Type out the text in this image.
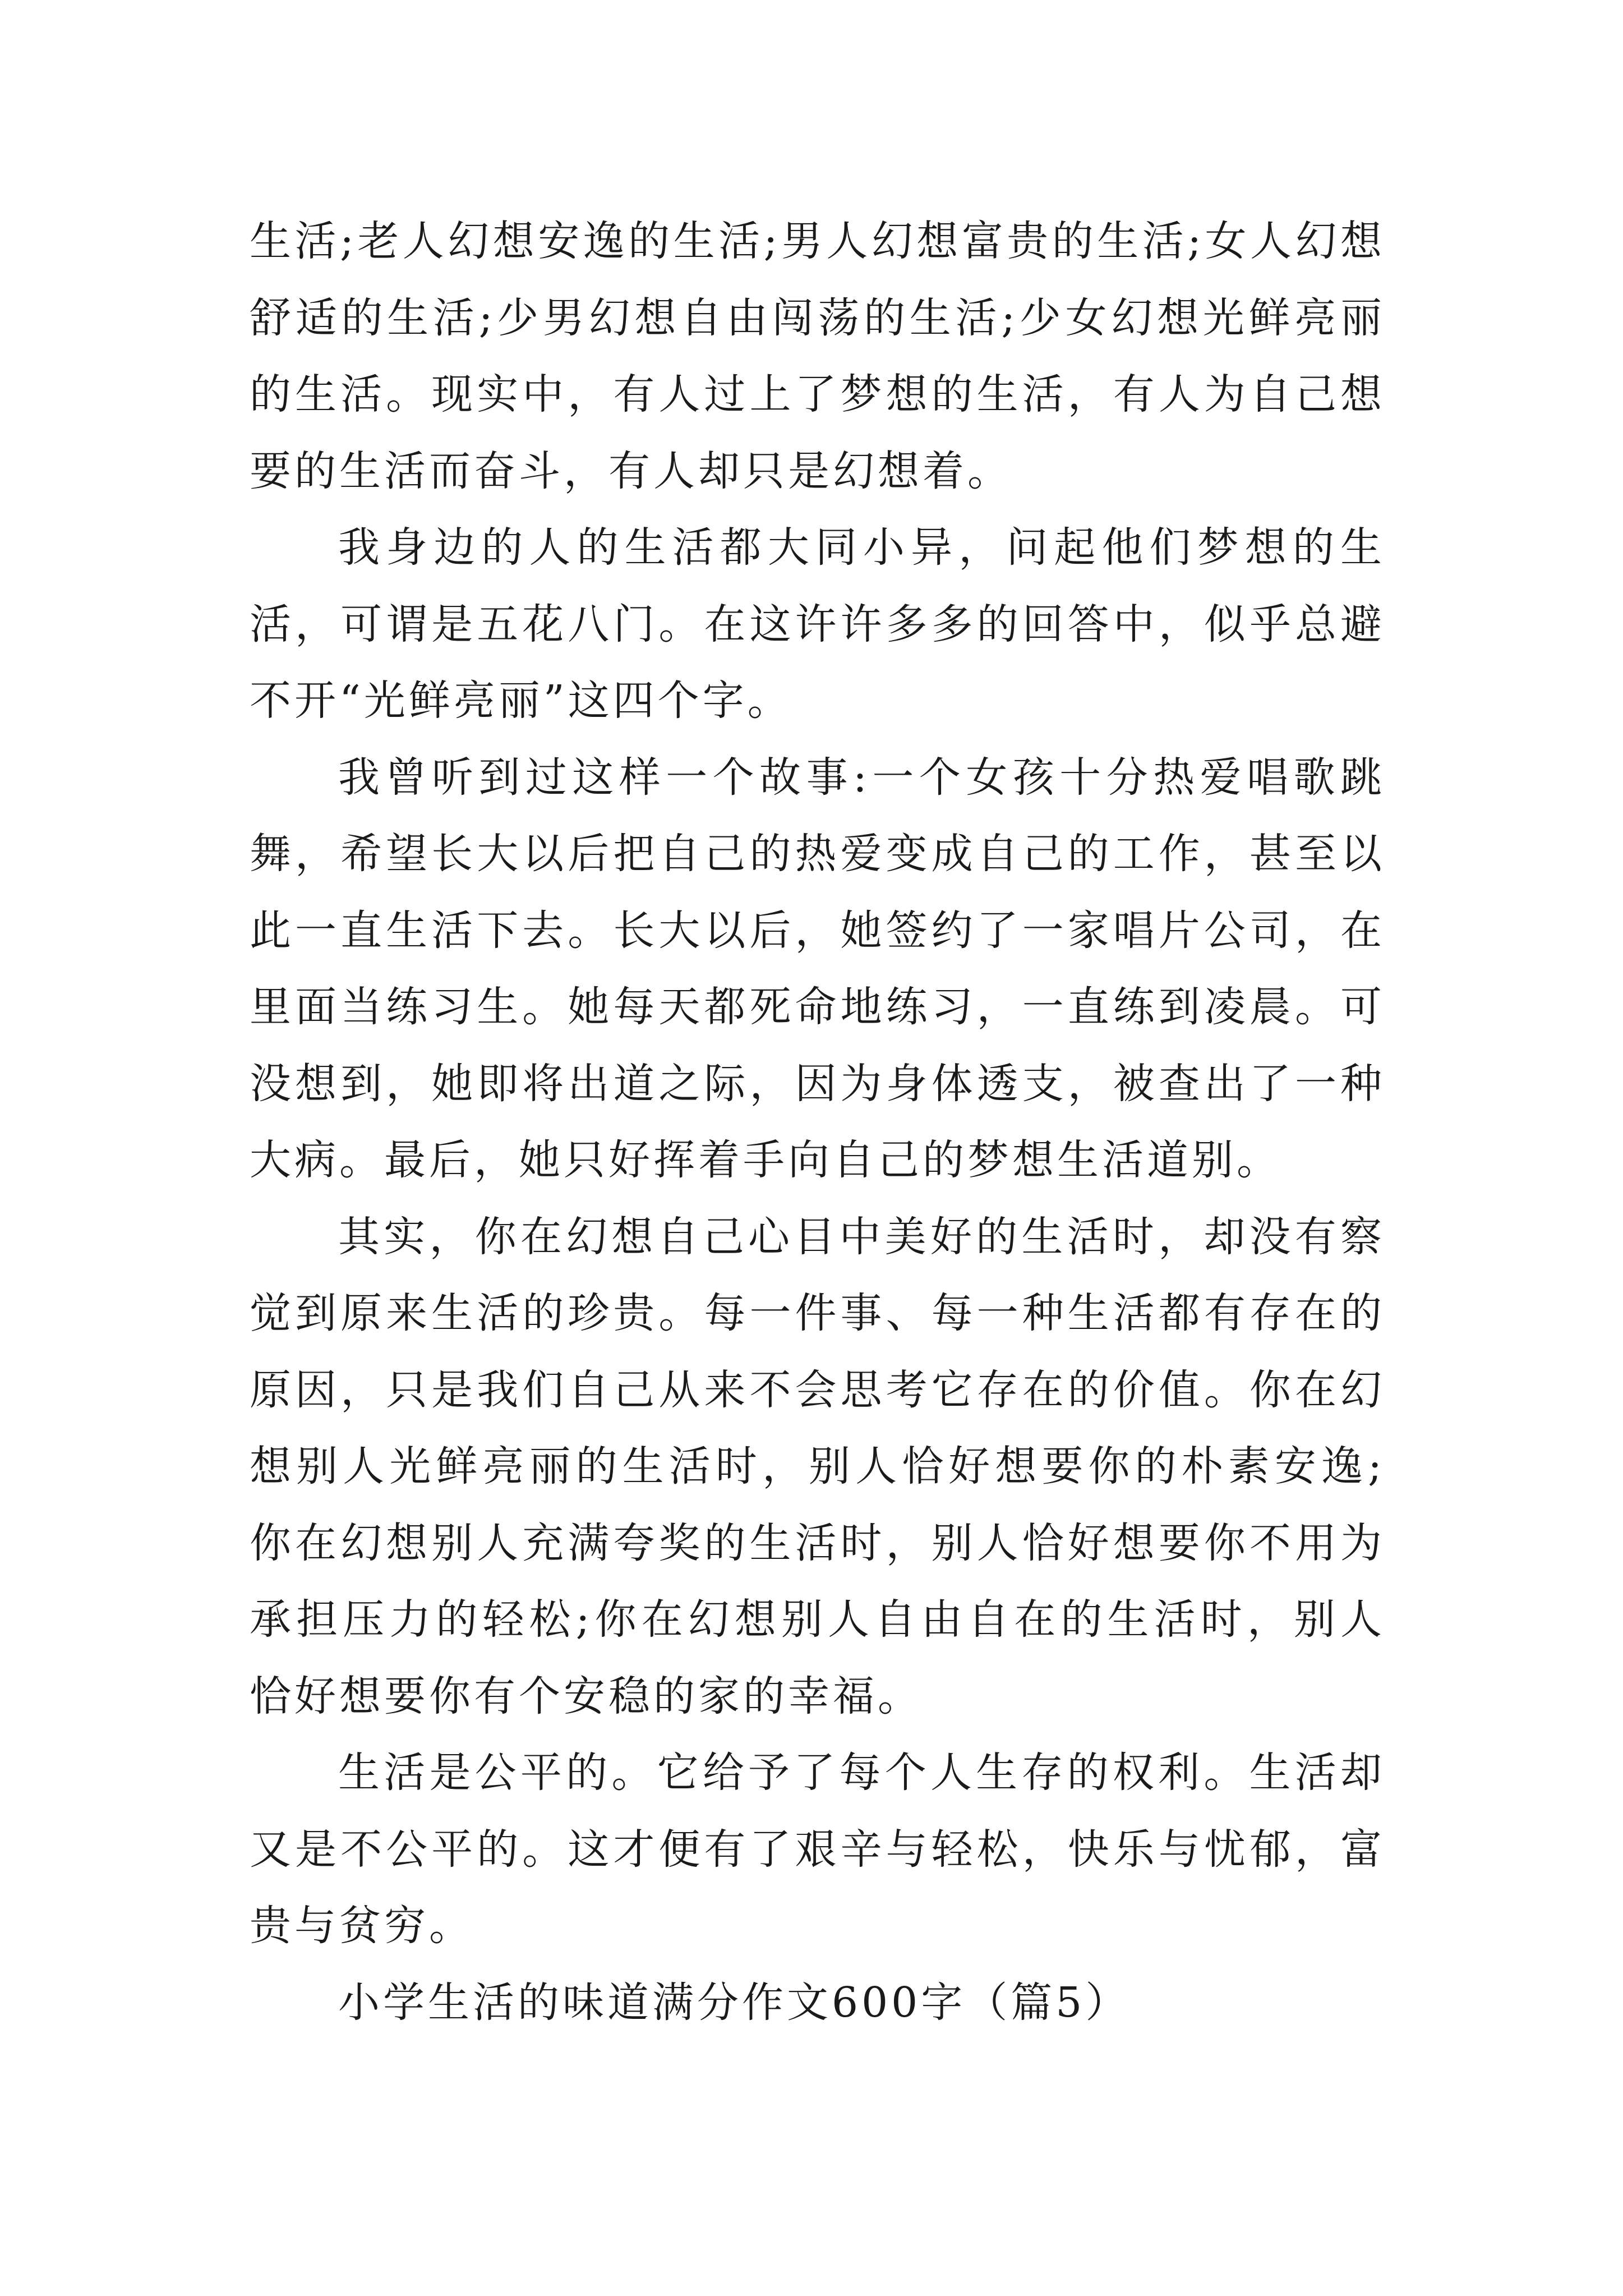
生活;老人幻想安逸的生活;男人幻想富贵的生活;女人幻想舒适的生活;少男幻想自由闯荡的生活;少女幻想光鲜亮丽的生活。现实中，有人过上了梦想的生活，有人为自己想要的生活而奋斗，有人却只是幻想着。

我身边的人的生活都大同小异，问起他们梦想的生活，可谓是五花八门。在这许许多多的回答中，似乎总避不开“光鲜亮丽”这四个字。

我曾听到过这样一个故事:一个女孩十分热爱唱歌跳舞，希望长大以后把自己的热爱变成自己的工作，甚至以此一直生活下去。长大以后，她签约了一家唱片公司，在里面当练习生。她每天都死命地练习，一直练到凌晨。可没想到，她即将出道之际，因为身体透支，被查出了一种大病。最后，她只好挥着手向自己的梦想生活道别。

其实，你在幻想自己心目中美好的生活时，却没有察觉到原来生活的珍贵。每一件事、每一种生活都有存在的原因，只是我们自己从来不会思考它存在的价值。你在幻想别人光鲜亮丽的生活时，别人恰好想要你的朴素安逸;你在幻想别人充满夸奖的生活时，别人恰好想要你不用为承担压力的轻松;你在幻想别人自由自在的生活时，别人恰好想要你有个安稳的家的幸福。

生活是公平的。它给予了每个人生存的权利。生活却又是不公平的。这才便有了艰辛与轻松，快乐与忧郁，富贵与贫穷。

小学生活的味道满分作文600字（篇5）
